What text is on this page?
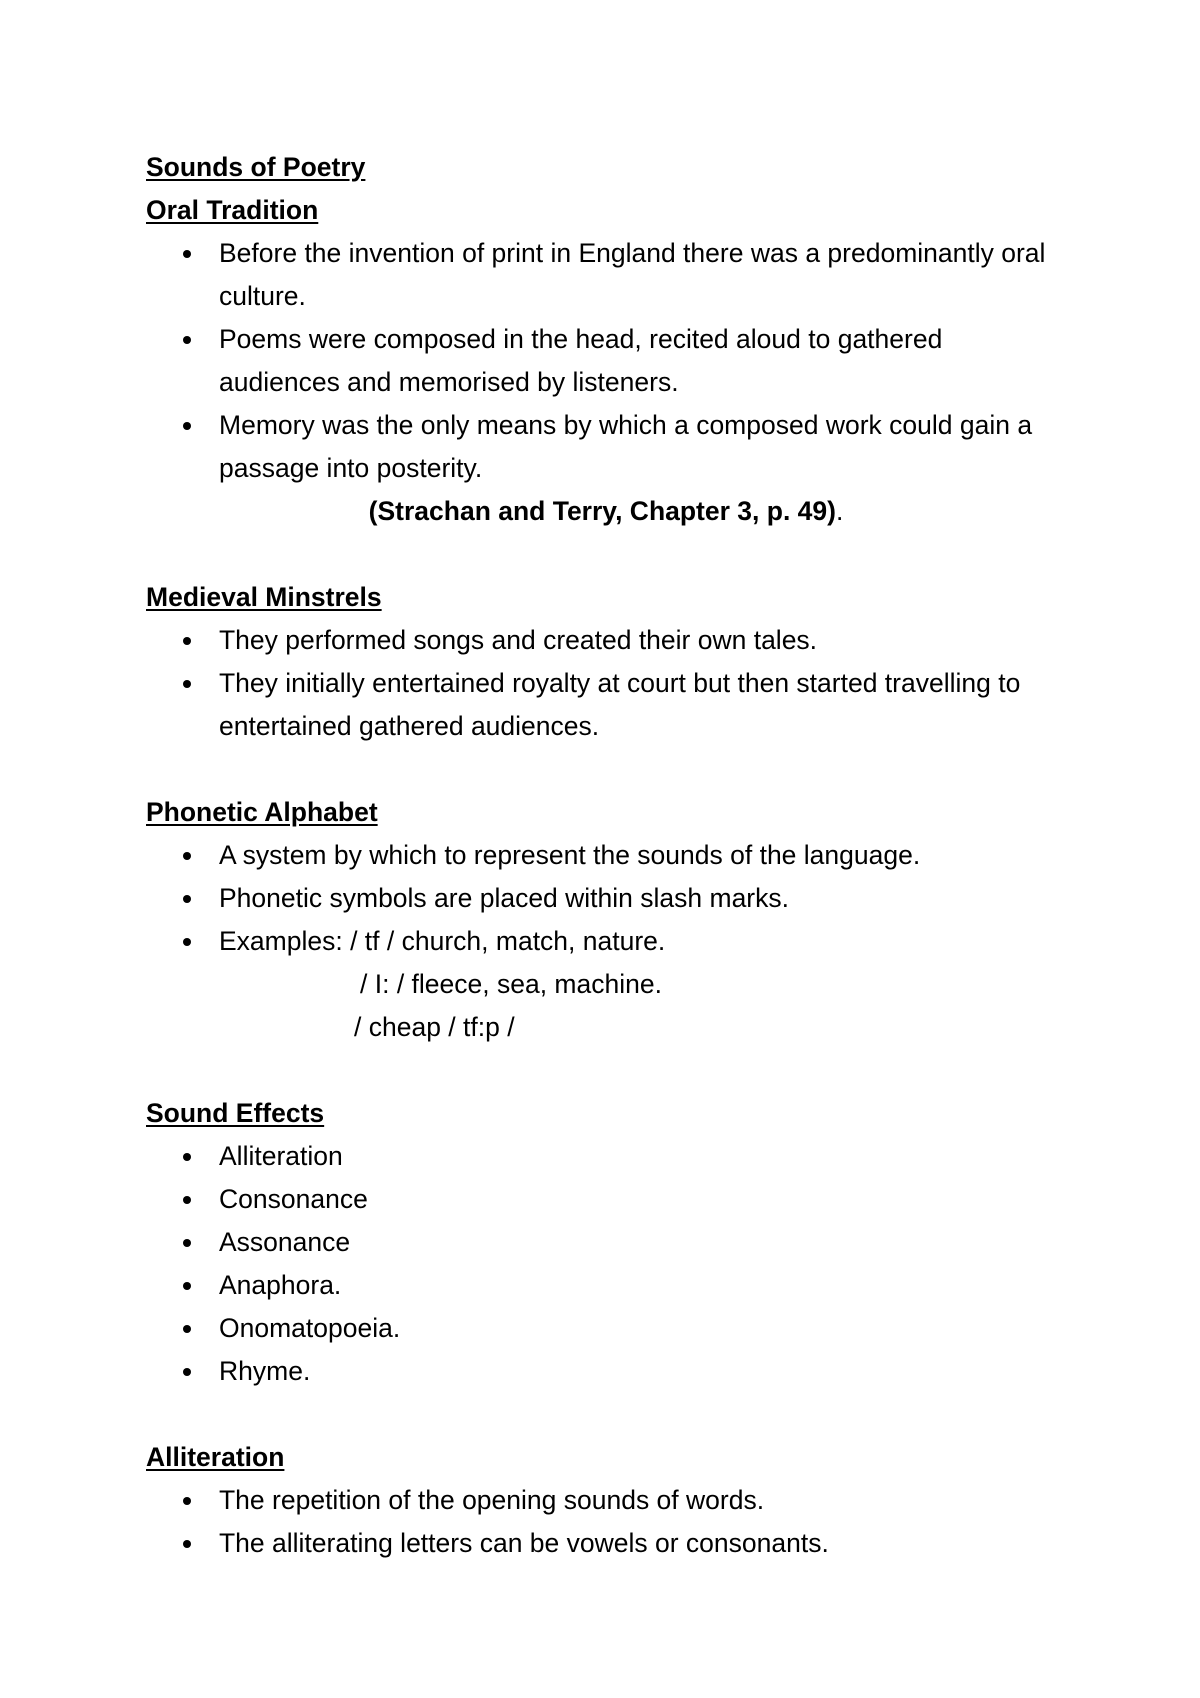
Sounds of Poetry

Oral Tradition

Before the invention of print in England there was a predominantly oral culture.
Poems were composed in the head, recited aloud to gathered audiences and memorised by listeners.
Memory was the only means by which a composed work could gain a passage into posterity.

(Strachan and Terry, Chapter 3, p. 49).

Medieval Minstrels

They performed songs and created their own tales.
They initially entertained royalty at court but then started travelling to entertained gathered audiences.

Phonetic Alphabet

A system by which to represent the sounds of the language.
Phonetic symbols are placed within slash marks.
Examples: / tf / church, match, nature.

/ I: / fleece, sea, machine.

/ cheap / tf:p /

Sound Effects

Alliteration
Consonance
Assonance
Anaphora.
Onomatopoeia.
Rhyme.

Alliteration

The repetition of the opening sounds of words.
The alliterating letters can be vowels or consonants.
